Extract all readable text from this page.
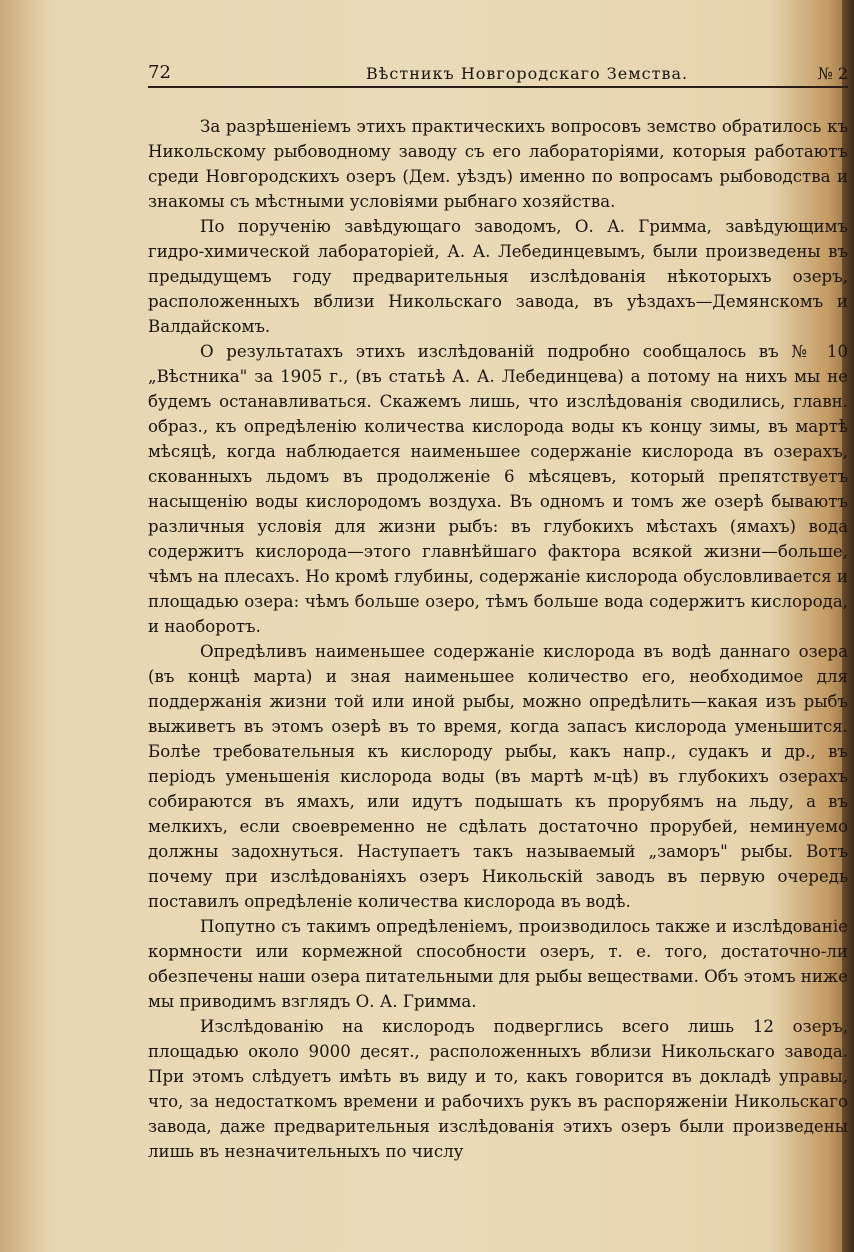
72	Вѣстникъ Новгородскаго Земства.	№ 2

За разрѣшеніемъ этихъ практическихъ вопросовъ земство обратилось къ Никольскому рыбоводному заводу съ его лабораторіями, которыя работаютъ среди Новгородскихъ озеръ (Дем. уѣздъ) именно по вопросамъ рыбоводства и знакомы съ мѣстными условіями рыбнаго хозяйства.

По порученію завѣдующаго заводомъ, О. А. Гримма, завѣдующимъ гидро-химической лабораторіей, А. А. Лебединцевымъ, были произведены въ предыдущемъ году предварительныя изслѣдованія нѣкоторыхъ озеръ, расположенныхъ вблизи Никольскаго завода, въ уѣздахъ—Демянскомъ и Валдайскомъ.

О результатахъ этихъ изслѣдованій подробно сообщалось въ № 10 „Вѣстника" за 1905 г., (въ статьѣ А. А. Лебединцева) а потому на нихъ мы не будемъ останавливаться. Скажемъ лишь, что изслѣдованія сводились, главн. образ., къ опредѣленію количества кислорода воды къ концу зимы, въ мартѣ мѣсяцѣ, когда наблюдается наименьшее содержаніе кислорода въ озерахъ, скованныхъ льдомъ въ продолженіе 6 мѣсяцевъ, который препятствуетъ насыщенію воды кислородомъ воздуха. Въ одномъ и томъ же озерѣ бываютъ различныя условія для жизни рыбъ: въ глубокихъ мѣстахъ (ямахъ) вода содержитъ кислорода—этого главнѣйшаго фактора всякой жизни—больше, чѣмъ на плесахъ. Но кромѣ глубины, содержаніе кислорода обусловливается и площадью озера: чѣмъ больше озеро, тѣмъ больше вода содержитъ кислорода, и наоборотъ.

Опредѣливъ наименьшее содержаніе кислорода въ водѣ даннаго озера (въ концѣ марта) и зная наименьшее количество его, необходимое для поддержанія жизни той или иной рыбы, можно опредѣлить—какая изъ рыбъ выживетъ въ этомъ озерѣ въ то время, когда запасъ кислорода уменьшится. Болѣе требовательныя къ кислороду рыбы, какъ напр., судакъ и др., въ періодъ уменьшенія кислорода воды (въ мартѣ м-цѣ) въ глубокихъ озерахъ собираются въ ямахъ, или идутъ подышать къ прорубямъ на льду, а въ мелкихъ, если своевременно не сдѣлать достаточно прорубей, неминуемо должны задохнуться. Наступаетъ такъ называемый „заморъ" рыбы. Вотъ почему при изслѣдованіяхъ озеръ Никольскій заводъ въ первую очередь поставилъ опредѣленіе количества кислорода въ водѣ.

Попутно съ такимъ опредѣленіемъ, производилось также и изслѣдованіе кормности или кормежной способности озеръ, т. е. того, достаточно-ли обезпечены наши озера питательными для рыбы веществами. Объ этомъ ниже мы приводимъ взглядъ О. А. Гримма.

Изслѣдованію на кислородъ подверглись всего лишь 12 озеръ, площадью около 9000 десят., расположенныхъ вблизи Никольскаго завода. При этомъ слѣдуетъ имѣть въ виду и то, какъ говорится въ докладѣ управы, что, за недостаткомъ времени и рабочихъ рукъ въ распоряженіи Никольскаго завода, даже предварительныя изслѣдованія этихъ озеръ были произведены лишь въ незначительныхъ по числу
